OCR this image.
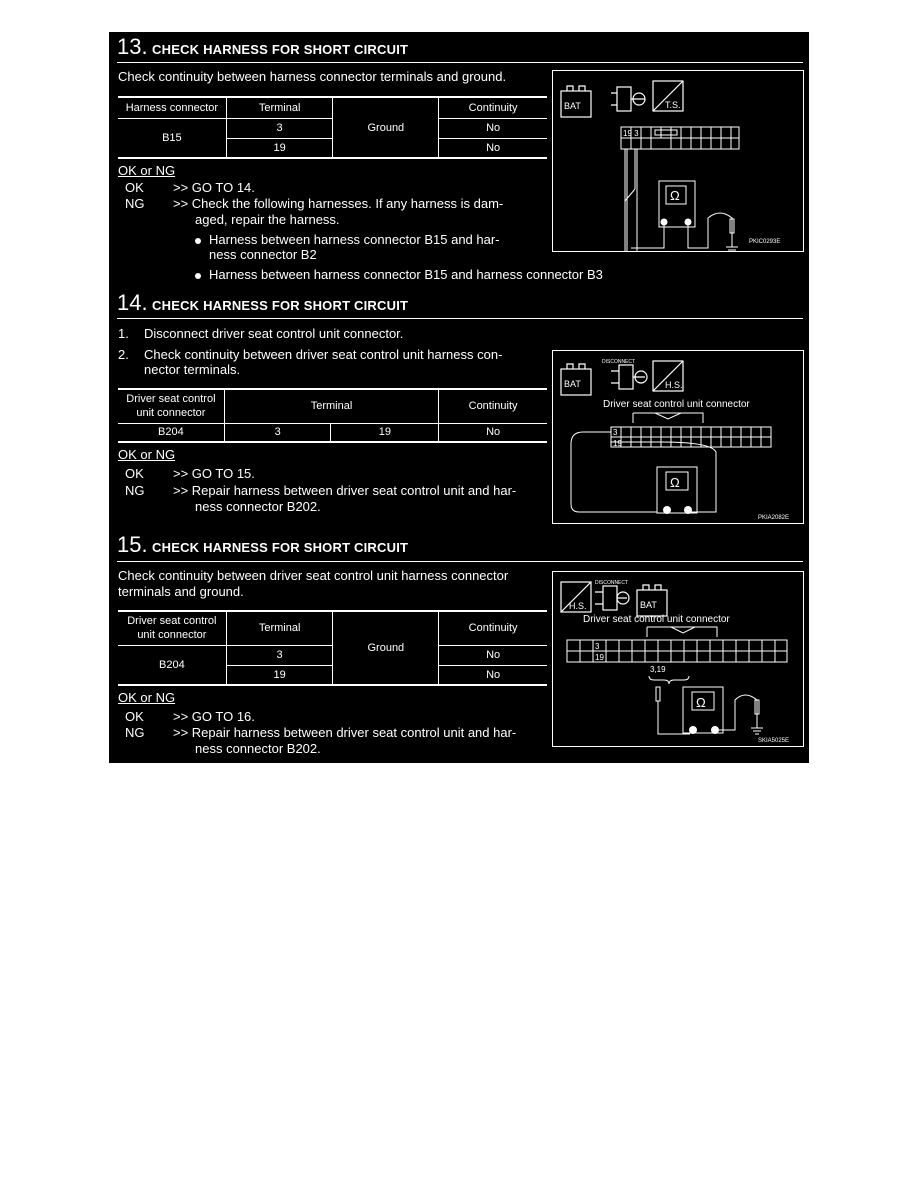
13. CHECK HARNESS FOR SHORT CIRCUIT
Check continuity between harness connector terminals and ground.
Harness connector	Terminal	Ground	Continuity
B15	3		No
	19		No
OK or NG
OK >> GO TO 14.
NG >> Check the following harnesses. If any harness is dam-
aged, repair the harness.
Harness between harness connector B15 and har-
ness connector B2
Harness between harness connector B15 and harness connector B3
BAT	T.S.
19 3
Ω
PKIC0293E
14. CHECK HARNESS FOR SHORT CIRCUIT
1. Disconnect driver seat control unit connector.
2. Check continuity between driver seat control unit harness con-
nector terminals.
Driver seat control
unit connector	Terminal		Continuity
B204	3	19	No
OK or NG
OK >> GO TO 15.
NG >> Repair harness between driver seat control unit and har-
ness connector B202.
BAT
DISCONNECT
H.S.
Driver seat control unit connector
3
19
Ω
PKIA2082E
15. CHECK HARNESS FOR SHORT CIRCUIT
Check continuity between driver seat control unit harness connector
terminals and ground.
Driver seat control
unit connector	Terminal	Ground	Continuity
B204	3		No
	19		No
OK or NG
OK >> GO TO 16.
NG >> Repair harness between driver seat control unit and har-
ness connector B202.
H.S.
DISCONNECT
BAT
Driver seat control unit connector
3
19
3,19
Ω
SKIA5025E
